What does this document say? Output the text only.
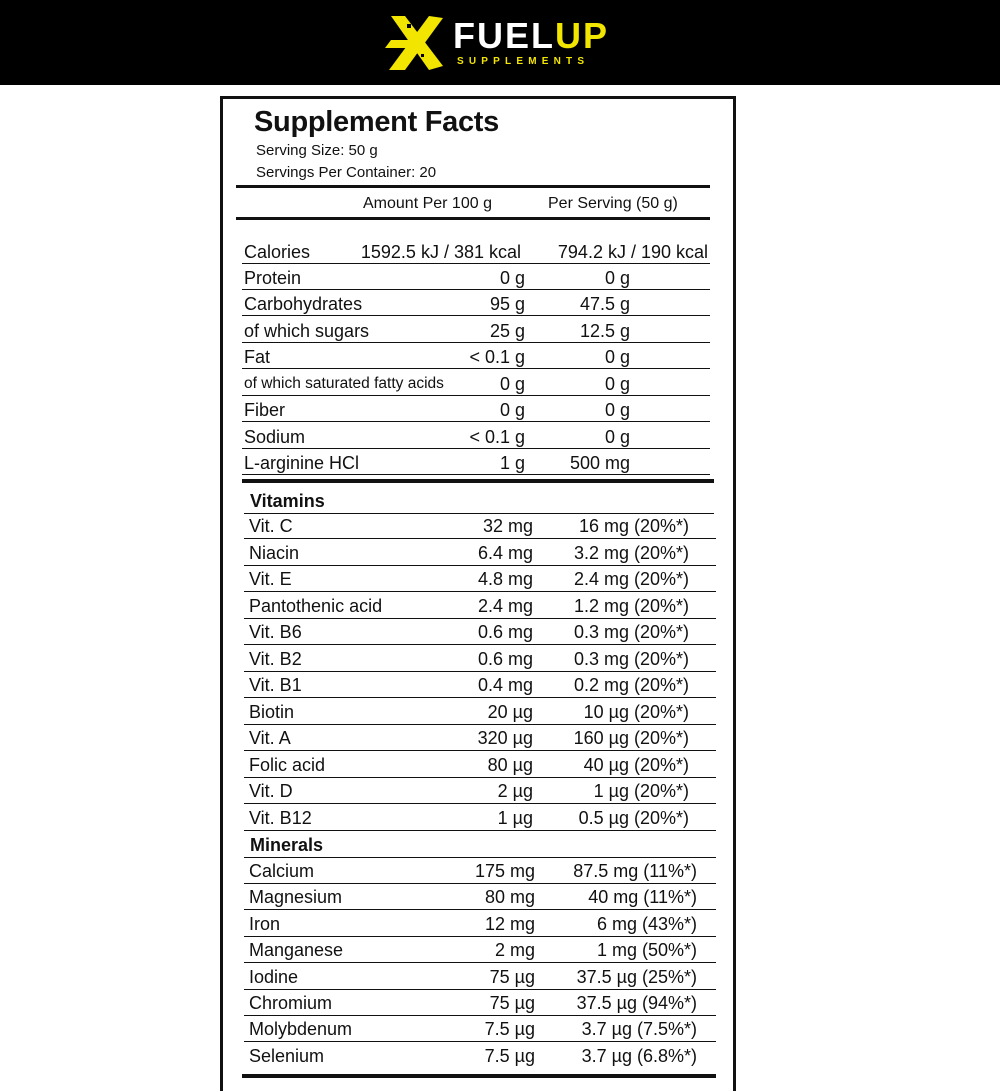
FUELUP
SUPPLEMENTS
Supplement Facts
Serving Size: 50 g
Servings Per Container: 20
Amount Per 100 g	Per Serving (50 g)
Calories	1592.5 kJ / 381 kcal 794.2 kJ / 190 kcal
Protein	0 g	0 g
Carbohydrates	95 g	47.5 g
of which sugars	25 g	12.5 g
Fat	< 0.1 g	0 g
of which saturated fatty acids	0 g	0 g
Fiber	0 g	0 g
Sodium	< 0.1 g	0 g
L-arginine HCl	1 g 500 mg
Vitamins
Vit. C	32 mg	16 mg (20%*)
Niacin	6.4 mg 3.2 mg (20%*)
Vit. E	4.8 mg 2.4 mg (20%*)
Pantothenic acid	2.4 mg 1.2 mg (20%*)
Vit. B6	0.6 mg 0.3 mg (20%*)
Vit. B2	0.6 mg 0.3 mg (20%*)
Vit. B1	0.4 mg 0.2 mg (20%*)
Biotin	20 µg	10 µg (20%*)
Vit. A	320 µg 160 µg (20%*)
Folic acid	80 µg	40 µg (20%*)
Vit. D	2 µg	1 µg (20%*)
Vit. B12	1 µg	0.5 µg (20%*)
Minerals
Calcium	175 mg 87.5 mg (11%*)
Magnesium	80 mg	40 mg (11%*)
Iron	12 mg	6 mg (43%*)
Manganese	2 mg	1 mg (50%*)
Iodine	75 µg 37.5 µg (25%*)
Chromium	75 µg 37.5 µg (94%*)
Molybdenum	7.5 µg	3.7 µg (7.5%*)
Selenium	7.5 µg	3.7 µg (6.8%*)
